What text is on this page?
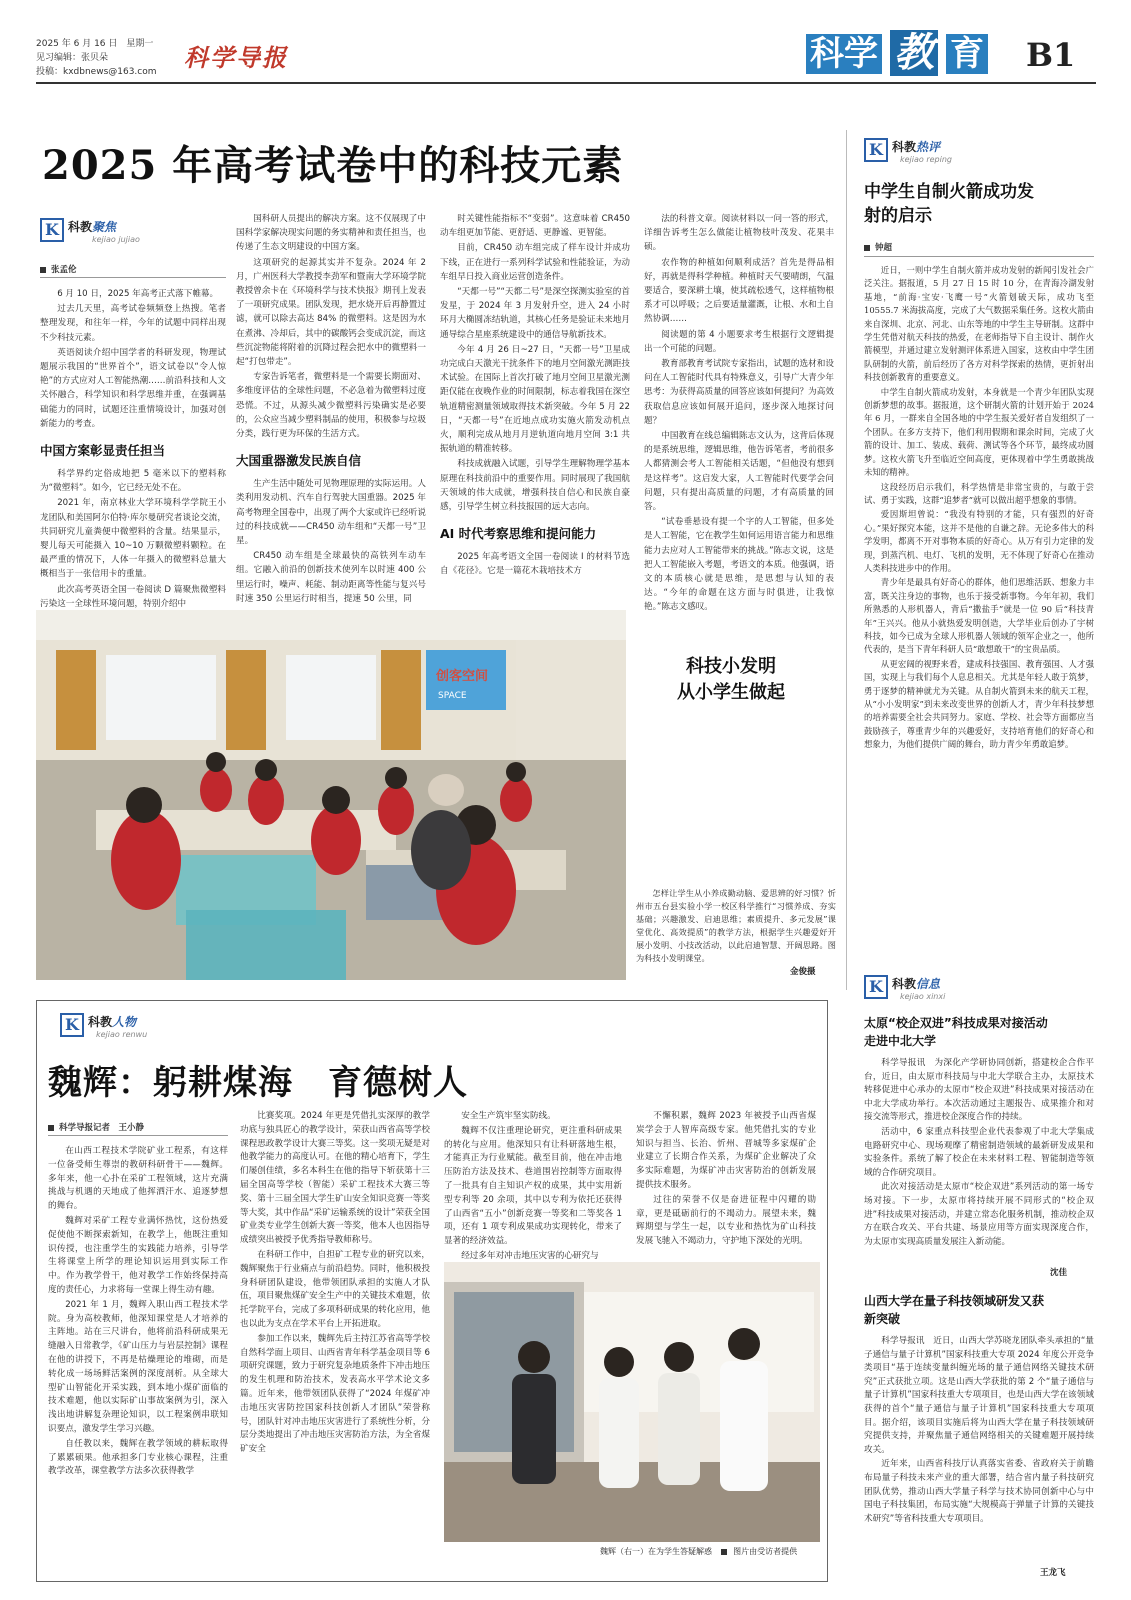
2025 年 6 月 16 日　星期一
见习编辑：张贝朵
投稿：kxdbnews@163.com 科学导报	科学 教 育 B1
2025 年高考试卷中的科技元素
K 科教聚焦
kejiao jujiao
张孟伦

6 月 10 日，2025 年高考正式落下帷幕。

过去几天里，高考试卷频频登上热搜。笔者整理发现，和往年一样，今年的试题中同样出现不少科技元素。

英语阅读介绍中国学者的科研发现，物理试题展示我国的“世界首个”，语文试卷以“令人惊艳”的方式应对人工智能热潮……前沿科技和人文关怀融合，科学知识和科学思维并重，在强调基础能力的同时，试题还注重情境设计，加强对创新能力的考查。

中国方案彰显责任担当

科学界约定俗成地把 5 毫米以下的塑料称为“微塑料”。如今，它已经无处不在。

2021 年，南京林业大学环境科学学院王小龙团队和美国阿尔伯特·库尔曼研究者谈论交流，共同研究儿童粪便中微塑料的含量。结果显示，婴儿每天可能摄入 10~10 万颗微塑料颗粒。在最严重的情况下，人体一年摄入的微塑料总量大概相当于一张信用卡的重量。

此次高考英语全国一卷阅读 D 篇聚焦微塑料污染这一全球性环境问题，特别介绍中

国科研人员提出的解决方案。这不仅展现了中国科学家解决现实问题的务实精神和责任担当，也传递了生态文明建设的中国方案。

这项研究的起源其实并不复杂。2024 年 2 月，广州医科大学教授李劲军和暨南大学环境学院教授曾余卡在《环境科学与技术快报》期刊上发表了一项研究成果。团队发现，把水烧开后再静置过滤，就可以除去高达 84% 的微塑料。这是因为水在煮沸、冷却后，其中的碳酸钙会变成沉淀，而这些沉淀物能将附着的沉降过程会把水中的微塑料一起“打包带走”。

专家告诉笔者，微塑料是一个需要长期面对、多维度评估的全球性问题，不必急着为微塑料过度恐慌。不过，从源头减少微塑料污染确实是必要的，公众应当减少塑料制品的使用，积极参与垃圾分类，践行更为环保的生活方式。

大国重器激发民族自信

生产生活中随处可见物理原理的实际运用。人类利用发动机、汽车自行驾驶大国重器。2025 年高考物理全国卷中，出现了两个大家或许已经听说过的科技成就——CR450 动车组和“天都一号”卫星。

CR450 动车组是全球最快的高铁列车动车组。它融入前沿的创新技术使列车以时速 400 公里运行时，噪声、耗能、制动距离等性能与复兴号时速 350 公里运行时相当，提速 50 公里，同

时关键性能指标不“变弱”。这意味着 CR450 动车组更加节能、更舒适、更静谧、更智能。

目前，CR450 动车组完成了样车设计并成功下线，正在进行一系列科学试验和性能验证，为动车组早日投入商业运营创造条件。

“天都一号”“天都二号”是深空探测实验室的首发星，于 2024 年 3 月发射升空，进入 24 小时环月大椭圆冻结轨道，其核心任务是验证未来地月通导综合星座系统建设中的通信导航新技术。

今年 4 月 26 日~27 日，“天都一号”卫星成功完成白天激光干扰条件下的地月空间激光测距技术试验。在国际上首次打破了地月空间卫星激光测距仅能在夜晚作业的时间限制，标志着我国在深空轨道精密测量领域取得技术新突破。今年 5 月 22 日，“天都一号”在近地点成功实施火箭发动机点火，顺利完成从地月月逆轨道向地月空间 3:1 共振轨道的精准转移。

科技成就融入试题，引导学生理解物理学基本原理在科技前沿中的重要作用。同时展现了我国航天领域的伟大成就，增强科技自信心和民族自豪感，引导学生树立科技报国的远大志向。

AI 时代考察思维和提问能力

2025 年高考语文全国一卷阅读 I 的材料节选自《花径》。它是一篇花木栽培技术方

法的科普文章。阅读材料以一问一答的形式，详细告诉考生怎么做能让植物枝叶茂发、花果丰硕。

农作物的种植如何顺利成活？首先是得品相好，再就是得科学种植。种植时天气要晴朗，气温要适合，要深耕土壤，使其疏松透气，这样植物根系才可以呼吸；之后要适量灌溉，让根、水和土自然协调……

阅读题的第 4 小题要求考生根据行文逻辑提出一个可能的问题。

教育部教育考试院专家指出，试题的选材和设问在人工智能时代具有特殊意义，引导广大青少年思考：为获得高质量的回答应该如何提问？为高效获取信息应该如何展开追问，逐步深入地探讨问题？

中国教育在线总编辑陈志文认为，这背后体现的是系统思维，逻辑思维，他告诉笔者，考前很多人都猜测会考人工智能相关话题，“但他没有想到是这样考”。这启发大家，人工智能时代要学会问问题，只有提出高质量的问题，才有高质量的回答。

“试卷垂悬设有提一个字的人工智能，但多处是人工智能，它在教学生如何运用语言能力和思维能力去应对人工智能带来的挑战。”陈志文说，这是把人工智能嵌入考题，考语文的本质。他强调，语文的本质核心就是思维，是思想与认知的表达。“今年的命题在这方面与时俱进，让我惊艳。”陈志文感叹。

创客空间
SPACE
科技小发明
从小学生做起

怎样让学生从小养成勤动脑、爱思辨的好习惯？忻州市五台县实验小学一校区科学推行“习惯养成、夯实基础；兴趣激发、启迪思维；素质提升、多元发展”课堂优化、高效提质”的教学方法，根据学生兴趣爱好开展小发明、小技改活动，以此启迪智慧、开阔思路。图为科技小发明课堂。

金俊摄
K 科教热评
kejiao reping
中学生自制火箭成功发射的启示
钟超

近日，一则中学生自制火箭并成功发射的新闻引发社会广泛关注。据报道，5 月 27 日 15 时 10 分，在青海冷湖发射基地，“前海·宝安·飞鹰一号”火箭划破天际，成功飞至 10555.7 米海拔高度，完成了大气数据采集任务。这枚火箭由来自深圳、北京、河北、山东等地的中学生主导研制。这群中学生凭借对航天科技的热爱，在老师指导下自主设计、制作火箭模型，并通过建立发射测评体系进入国家，这枚由中学生团队研制的火箭，前后经历了各方对科学探索的热情，更折射出科技创新教育的重要意义。

中学生自制火箭成功发射，本身就是一个青少年团队实现创新梦想的故事。据报道，这个研制火箭的计划开始于 2024 年 6 月，一群来自全国各地的中学生报关爱好者自发组织了一个团队。在多方支持下，他们利用假期和课余时间，完成了火箭的设计、加工、装成、载荷、测试等各个环节，最终成功圆梦。这枚火箭飞升至临近空间高度，更体现着中学生勇敢挑战未知的精神。

这段经历启示我们，科学热情是非常宝贵的，与敢于尝试、勇于实践，这群“追梦者”就可以做出超乎想象的事情。

爱因斯坦曾说：“我没有特别的才能，只有强烈的好奇心。”果好探究本能，这并不是他的自谦之辞。无论多伟大的科学发明，都离不开对事物本质的好奇心。从万有引力定律的发现，到蒸汽机、电灯、飞机的发明，无不体现了好奇心在推动人类科技进步中的作用。

青少年是最具有好奇心的群体，他们思维活跃、想象力丰富，既关注身边的事物，也乐于接受新事物。今年年初，我们所熟悉的人形机器人，背后“撒盐手”就是一位 90 后“科技青年”王兴兴。他从小就热爱发明创造，大学毕业后创办了宇树科技，如今已成为全球人形机器人领域的领军企业之一，他所代表的，是当下青年科研人员“敢想敢干”的宝贵品质。

从更宏阔的视野来看，建成科技强国、教育强国、人才强国，实现上与我们每个人息息相关。尤其是年轻人敢于筑梦，勇于逐梦的精神就尤为关键。从自制火箭到未来的航天工程，从“小小发明家”到未来改变世界的创新人才，青少年科技梦想的培养需要全社会共同努力。家庭、学校、社会等方面都应当鼓励孩子，尊重青少年的兴趣爱好，支持培育他们的好奇心和想象力，为他们提供广阔的舞台，助力青少年勇敢追梦。

K 科教信息
kejiao xinxi
太原“校企双进”科技成果对接活动走进中北大学

科学导报讯　为深化产学研协同创新，搭建校企合作平台，近日，由太原市科技局与中北大学联合主办，太原技术转移促进中心承办的太原市“校企双进”科技成果对接活动在中北大学成功举行。本次活动通过主题报告、成果推介和对接交流等形式，推进校企深度合作的持续。

活动中，6 家重点科技型企业代表参观了中北大学集成电路研究中心、现场观摩了精密制造领域的最新研发成果和实验条件。系统了解了校企在未来材料工程、智能制造等领域的合作研究项目。

此次对接活动是太原市“校企双进”系列活动的第一场专场对接。下一步，太原市将持续开展不同形式的“校企双进”科技成果对接活动，并建立常态化服务机制，推动校企双方在联合攻关、平台共建、场景应用等方面实现深度合作，为太原市实现高质量发展注入新动能。

沈佳
山西大学在量子科技领域研发又获新突破

科学导报讯　近日，山西大学苏晓龙团队牵头承担的“量子通信与量子计算机”国家科技重大专项 2024 年度公开竞争类项目“基于连续变量纠缠光场的量子通信网络关键技术研究”正式获批立项。这是山西大学获批的第 2 个“量子通信与量子计算机”国家科技重大专项项目，也是山西大学在该领域获得的首个“量子通信与量子计算机”国家科技重大专项项目。据介绍，该项目实施后将为山西大学在量子科技领域研究提供支持，并聚焦量子通信网络相关的关键难题开展持续攻关。

近年来，山西省科技厅认真落实省委、省政府关于前瞻布局量子科技未来产业的重大部署，结合省内量子科技研究团队优势，推动山西大学量子科学与技术协同创新中心与中国电子科技集团，布局实施“大规模高于弹量子计算的关键技术研究”等省科技重大专项项目。

王龙飞
K 科教人物
kejiao renwu
魏辉：躬耕煤海　育德树人
科学导报记者　王小静

在山西工程技术学院矿业工程系，有这样一位备受师生尊崇的教研科研骨干——魏辉。多年来，他一心扑在采矿工程领域，这片充满挑战与机遇的天地成了他挥洒汗水、追逐梦想的舞台。

魏辉对采矿工程专业满怀热忱，这份热爱促使他不断探索新知，在教学上，他既注重知识传授，也注重学生的实践能力培养，引导学生将课堂上所学的理论知识运用到实际工作中。作为教学骨干，他对教学工作始终保持高度的责任心，力求将每一堂课上得生动有趣。

2021 年 1 月，魏辉入职山西工程技术学院。身为高校教师，他深知课堂是人才培养的主阵地。站在三尺讲台，他将前沿科研成果无缝融入日常教学，《矿山压力与岩层控制》课程在他的讲授下，不再是枯燥理论的堆砌，而是转化成一场场鲜活案例的深度剖析。从全球大型矿山智能化开采实践，到本地小煤矿面临的技术难题，他以实际矿山事故案例为引，深入浅出地讲解复杂理论知识，以工程案例串联知识要点，激发学生学习兴趣。

自任教以来，魏辉在教学领域的耕耘取得了累累硕果。他承担多门专业核心课程，注重教学改革，课堂教学方法多次获得教学

比赛奖项。2024 年更是凭借扎实深厚的教学功底与独具匠心的教学设计，荣获山西省高等学校课程思政教学设计大赛三等奖。这一奖项无疑是对他教学能力的高度认可。在他的精心培育下，学生们屡创佳绩，多名本科生在他的指导下斩获第十三届全国高等学校（智能）采矿工程技术大赛三等奖、第十三届全国大学生矿山安全知识竞赛一等奖等大奖，其中作品“采矿运输系统的设计”荣获全国矿业类专业学生创新大赛一等奖，他本人也因指导成绩突出被授予优秀指导教师称号。

在科研工作中，自担矿工程专业的研究以来，魏辉聚焦于行业痛点与前沿趋势。同时，他积极投身科研团队建设，他带领团队承担的实施人才队伍，项目聚焦煤矿安全生产中的关键技术难题，依托学院平台，完成了多项科研成果的转化应用，他也以此为支点在学术平台上开拓进取。

参加工作以来，魏辉先后主持江苏省高等学校自然科学面上项目、山西省青年科学基金项目等 6 项研究课题，致力于研究复杂地质条件下冲击地压的发生机理和防治技术，发表高水平学术论文多篇。近年来，他带领团队获得了“2024 年煤矿冲击地压灾害防控国家科技创新人才团队”荣誉称号，团队针对冲击地压灾害进行了系统性分析，分层分类地提出了冲击地压灾害防治方法，为全省煤矿安全

安全生产筑牢坚实防线。

魏辉不仅注重理论研究，更注重科研成果的转化与应用。他深知只有让科研落地生根，才能真正为行业赋能。截至目前，他在冲击地压防治方法及技术、巷道围岩控制等方面取得了一批具有自主知识产权的成果，其中实用新型专利等 20 余项，其中以专利为依托还获得了山西省“五小”创新竞赛一等奖和二等奖各 1 项，还有 1 项专利成果成功实现转化，带来了显著的经济效益。

经过多年对冲击地压灾害的心研究与

不懈积累，魏辉 2023 年被授予山西省煤炭学会于人智库高级专家。他凭借扎实的专业知识与担当、长治、忻州、晋城等多家煤矿企业建立了长期合作关系，为煤矿企业解决了众多实际难题，为煤矿冲击灾害防治的创新发展提供技术服务。

过往的荣誉不仅是奋进征程中闪耀的勋章，更是砥砺前行的不竭动力。展望未来，魏辉期望与学生一起，以专业和热忱为矿山科技发展飞驰入不竭动力，守护地下深处的光明。

魏辉（右一）在为学生答疑解惑	图片由受访者提供
